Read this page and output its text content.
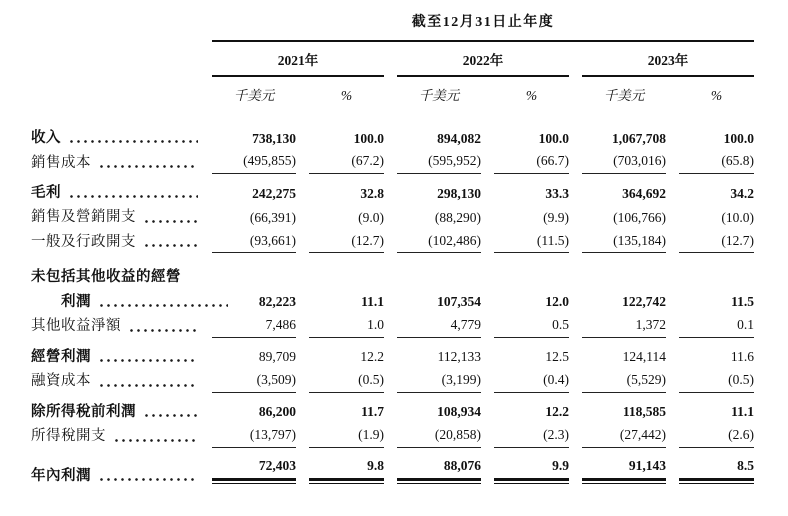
	截至12月31日止年度					
	2021年		2022年		2023年	
	千美元	%	千美元	%	千美元	%

收入	738,130	100.0	894,082	100.0	1,067,708	100.0

銷售成本	(495,855)	(67.2)	(595,952)	(66.7)	(703,016)	(65.8)

毛利	242,275	32.8	298,130	33.3	364,692	34.2

銷售及營銷開支	(66,391)	(9.0)	(88,290)	(9.9)	(106,766)	(10.0)

一般及行政開支	(93,661)	(12.7)	(102,486)	(11.5)	(135,184)	(12.7)

未包括其他收益的經營						

利潤	82,223	11.1	107,354	12.0	122,742	11.5

其他收益淨額	7,486	1.0	4,779	0.5	1,372	0.1

經營利潤	89,709	12.2	112,133	12.5	124,114	11.6

融資成本	(3,509)	(0.5)	(3,199)	(0.4)	(5,529)	(0.5)

除所得稅前利潤	86,200	11.7	108,934	12.2	118,585	11.1

所得稅開支	(13,797)	(1.9)	(20,858)	(2.3)	(27,442)	(2.6)

年內利潤	72,403	9.8	88,076	9.9	91,143	8.5
